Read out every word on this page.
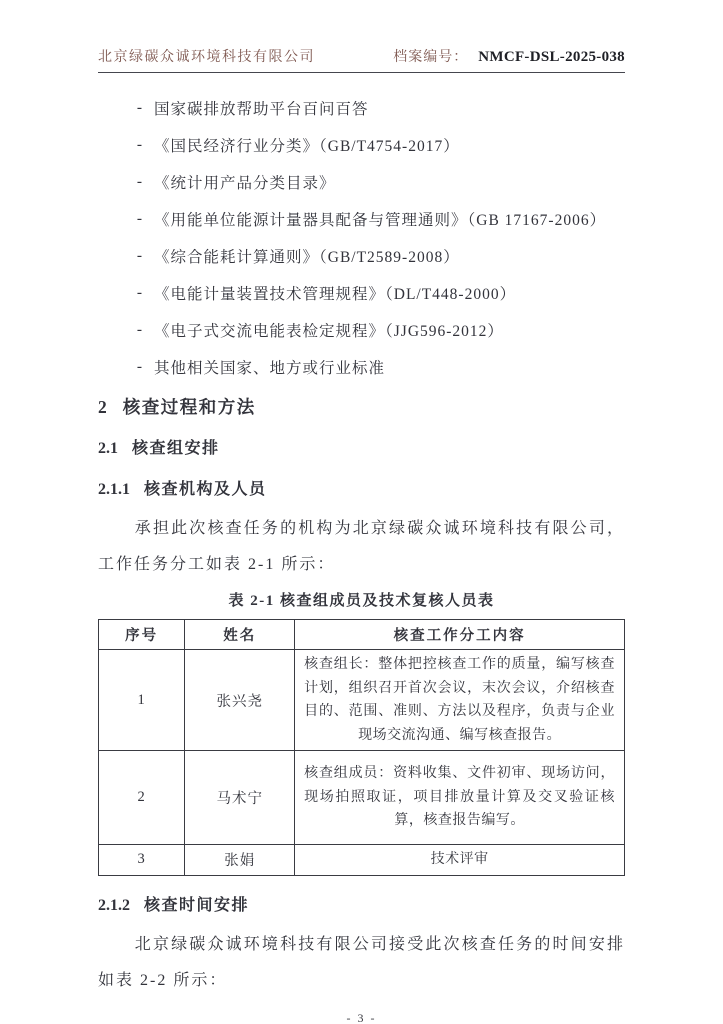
北京绿碳众诚环境科技有限公司	档案编号： NMCF-DSL-2025-038
- 国家碳排放帮助平台百问百答
- 《国民经济行业分类》（GB/T4754-2017）
- 《统计用产品分类目录》
- 《用能单位能源计量器具配备与管理通则》（GB 17167-2006）
- 《综合能耗计算通则》（GB/T2589-2008）
- 《电能计量装置技术管理规程》（DL/T448-2000）
- 《电子式交流电能表检定规程》（JJG596-2012）
- 其他相关国家、地方或行业标准
2 核查过程和方法
2.1 核查组安排
2.1.1 核查机构及人员

承担此次核查任务的机构为北京绿碳众诚环境科技有限公司，工作任务分工如表 2-1 所示：

表 2-1 核查组成员及技术复核人员表
序号	姓名	核查工作分工内容
1	张兴尧	核查组长：整体把控核查工作的质量，编写核查计划，组织召开首次会议，末次会议，介绍核查目的、范围、准则、方法以及程序，负责与企业现场交流沟通、编写核查报告。
2	马术宁	核查组成员：资料收集、文件初审、现场访问，现场拍照取证，项目排放量计算及交叉验证核算，核查报告编写。
3	张娟	技术评审
2.1.2 核查时间安排

北京绿碳众诚环境科技有限公司接受此次核查任务的时间安排如表 2-2 所示：

- 3 -
